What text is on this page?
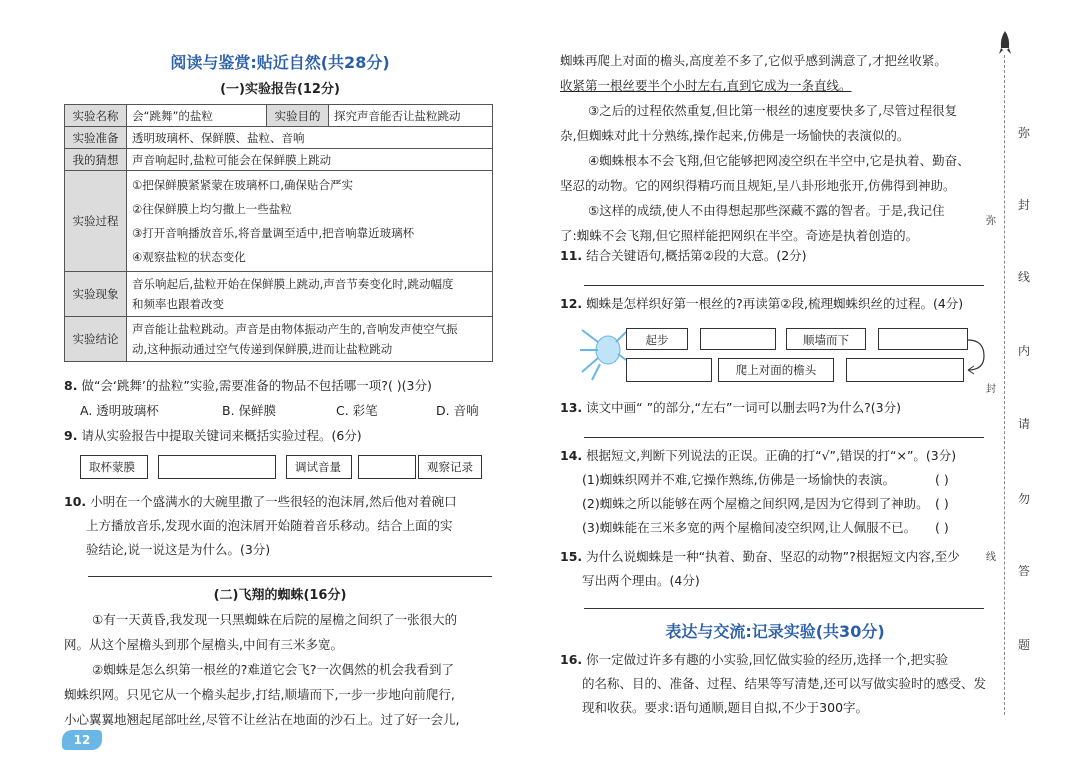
阅读与鉴赏:贴近自然(共28分)
(一)实验报告(12分)
实验名称	会“跳舞”的盐粒	实验目的	探究声音能否让盐粒跳动
实验准备	透明玻璃杯、保鲜膜、盐粒、音响		
我的猜想	声音响起时,盐粒可能会在保鲜膜上跳动		
实验过程	①把保鲜膜紧紧蒙在玻璃杯口,确保贴合严实
②往保鲜膜上均匀撒上一些盐粒
③打开音响播放音乐,将音量调至适中,把音响靠近玻璃杯
④观察盐粒的状态变化		

实验现象	音乐响起后,盐粒开始在保鲜膜上跳动,声音节奏变化时,跳动幅度
和频率也跟着改变		

实验结论	声音能让盐粒跳动。声音是由物体振动产生的,音响发声使空气振
动,这种振动通过空气传递到保鲜膜,进而让盐粒跳动		
8. 做“会‘跳舞’的盐粒”实验,需要准备的物品不包括哪一项?( )(3分)
A. 透明玻璃杯	B. 保鲜膜	C. 彩笔	D. 音响
9. 请从实验报告中提取关键词来概括实验过程。(6分)
取杯蒙膜	调试音量	观察记录
10. 小明在一个盛满水的大碗里撒了一些很轻的泡沫屑,然后他对着碗口
上方播放音乐,发现水面的泡沫屑开始随着音乐移动。结合上面的实
验结论,说一说这是为什么。(3分)
(二)飞翔的蜘蛛(16分)
①有一天黄昏,我发现一只黑蜘蛛在后院的屋檐之间织了一张很大的
网。从这个屋檐头到那个屋檐头,中间有三米多宽。
②蜘蛛是怎么织第一根丝的?难道它会飞?一次偶然的机会我看到了
蜘蛛织网。只见它从一个檐头起步,打结,顺墙而下,一步一步地向前爬行,
小心翼翼地翘起尾部吐丝,尽管不让丝沾在地面的沙石上。过了好一会儿,
12
蜘蛛再爬上对面的檐头,高度差不多了,它似乎感到满意了,才把丝收紧。
收紧第一根丝要半个小时左右,直到它成为一条直线。
③之后的过程依然重复,但比第一根丝的速度要快多了,尽管过程很复
杂,但蜘蛛对此十分熟练,操作起来,仿佛是一场愉快的表演似的。
④蜘蛛根本不会飞翔,但它能够把网凌空织在半空中,它是执着、勤奋、
坚忍的动物。它的网织得精巧而且规矩,呈八卦形地张开,仿佛得到神助。
⑤这样的成绩,使人不由得想起那些深藏不露的智者。于是,我记住
了:蜘蛛不会飞翔,但它照样能把网织在半空。奇迹是执着创造的。
11. 结合关键语句,概括第②段的大意。(2分)
12. 蜘蛛是怎样织好第一根丝的?再读第②段,梳理蜘蛛织丝的过程。(4分)
起步	顺墙而下
爬上对面的檐头
13. 读文中画“ ”的部分,“左右”一词可以删去吗?为什么?(3分)
14. 根据短文,判断下列说法的正误。正确的打“√”,错误的打“×”。(3分)
(1)蜘蛛织网并不难,它操作熟练,仿佛是一场愉快的表演。
(2)蜘蛛之所以能够在两个屋檐之间织网,是因为它得到了神助。
(3)蜘蛛能在三米多宽的两个屋檐间凌空织网,让人佩服不已。
( )
( )
( )
15. 为什么说蜘蛛是一种“执着、勤奋、坚忍的动物”?根据短文内容,至少
写出两个理由。(4分)
表达与交流:记录实验(共30分)
16. 你一定做过许多有趣的小实验,回忆做实验的经历,选择一个,把实验
的名称、目的、准备、过程、结果等写清楚,还可以写做实验时的感受、发
现和收获。要求:语句通顺,题目自拟,不少于300字。
弥
封
线
内
请
勿
答
题
弥
封
线
